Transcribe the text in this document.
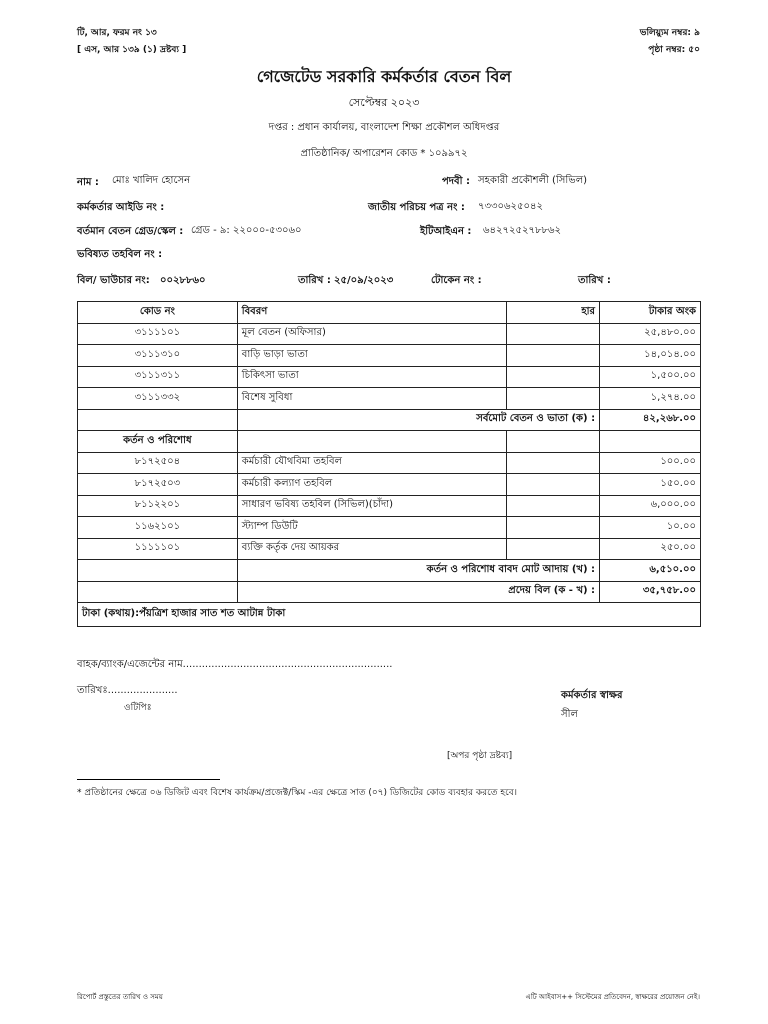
টি, আর, ফরম নং ১৩
[ এস, আর ১৩৯ (১) দ্রষ্টব্য ]
ভলিয়্যুম নম্বর: ৯
পৃষ্ঠা নম্বর: ৫০
গেজেটেড সরকারি কর্মকর্তার বেতন বিল
সেপ্টেম্বর ২০২৩
দপ্তর : প্রধান কার্যালয়, বাংলাদেশ শিক্ষা প্রকৌশল অধিদপ্তর
প্রাতিষ্ঠানিক/ অপারেশন কোড * ১০৯৯৭২
নাম : মোঃ খালিদ হোসেন	পদবী : সহকারী প্রকৌশলী (সিভিল)
কর্মকর্তার আইডি নং :	জাতীয় পরিচয় পত্র নং : ৭৩৩০৬২৫০৪২
বর্তমান বেতন গ্রেড/স্কেল : গ্রেড - ৯: ২২০০০-৫৩০৬০	ইটিআইএন : ৬৪২৭২৫২৭৮৮৬২
ভবিষ্যত তহবিল নং :
বিল/ ভাউচার নং: ০০২৮৮৬০	তারিখ : ২৫/০৯/২০২৩	টোকেন নং :	তারিখ :
কোড নং	বিবরণ	হার	টাকার অংক
৩১১১১০১	মূল বেতন (অফিসার)		২৫,৪৮০.০০
৩১১১৩১০	বাড়ি ভাড়া ভাতা		১৪,০১৪.০০
৩১১১৩১১	চিকিৎসা ভাতা		১,৫০০.০০
৩১১১৩৩২	বিশেষ সুবিধা		১,২৭৪.০০
	সর্বমোট বেতন ও ভাতা (ক) :		৪২,২৬৮.০০
কর্তন ও পরিশোধ			
৮১৭২৫০৪	কর্মচারী যৌথবিমা তহবিল		১০০.০০
৮১৭২৫০৩	কর্মচারী কল্যাণ তহবিল		১৫০.০০
৮১১২২০১	সাধারণ ভবিষ্য তহবিল (সিভিল)(চাঁদা)		৬,০০০.০০
১১৬২১০১	স্ট্যাম্প ডিউটি		১০.০০
১১১১১০১	ব্যক্তি কর্তৃক দেয় আয়কর		২৫০.০০
	কর্তন ও পরিশোধ বাবদ মোট আদায় (খ) :		৬,৫১০.০০
	প্রদেয় বিল (ক - খ) :		৩৫,৭৫৮.০০
টাকা (কথায়):পঁয়ত্রিশ হাজার সাত শত আটান্ন টাকা			
বাহক/ব্যাংক/এজেন্টের নাম..................................................................
তারিখঃ......................
ওটিপিঃ
কর্মকর্তার স্বাক্ষর
সীল
[অপর পৃষ্ঠা দ্রষ্টব্য]
* প্রতিষ্ঠানের ক্ষেত্রে ০৬ ডিজিট এবং বিশেষ কার্যক্রম/প্রজেক্ট/স্কিম -এর ক্ষেত্রে সাত (০৭) ডিজিটের কোড ব্যবহার করতে হবে।
রিপোর্ট প্রস্তুতের তারিখ ও সময়	এটি আইবাস++ সিস্টেমের প্রতিবেদন, স্বাক্ষরের প্রয়োজন নেই।
